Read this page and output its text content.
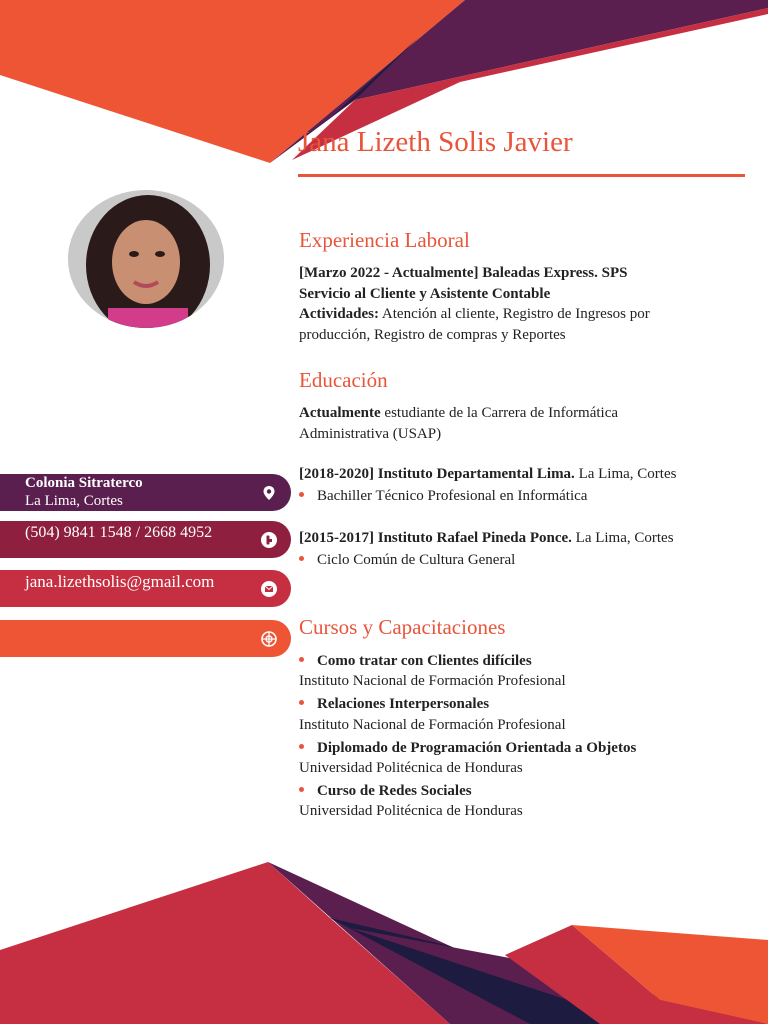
Jana Lizeth Solis Javier
Colonia Sitraterco
La Lima, Cortes
(504) 9841 1548 / 2668 4952
jana.lizethsolis@gmail.com
Experiencia Laboral
[Marzo 2022 - Actualmente] Baleadas Express. SPS
Servicio al Cliente y Asistente Contable
Actividades: Atención al cliente, Registro de Ingresos por
producción, Registro de compras y Reportes
Educación
Actualmente estudiante de la Carrera de Informática
Administrativa (USAP)
[2018-2020] Instituto Departamental Lima. La Lima, Cortes
Bachiller Técnico Profesional en Informática
[2015-2017] Instituto Rafael Pineda Ponce. La Lima, Cortes
Ciclo Común de Cultura General
Cursos y Capacitaciones
Como tratar con Clientes difíciles
Instituto Nacional de Formación Profesional
Relaciones Interpersonales
Instituto Nacional de Formación Profesional
Diplomado de Programación Orientada a Objetos
Universidad Politécnica de Honduras
Curso de Redes Sociales
Universidad Politécnica de Honduras
